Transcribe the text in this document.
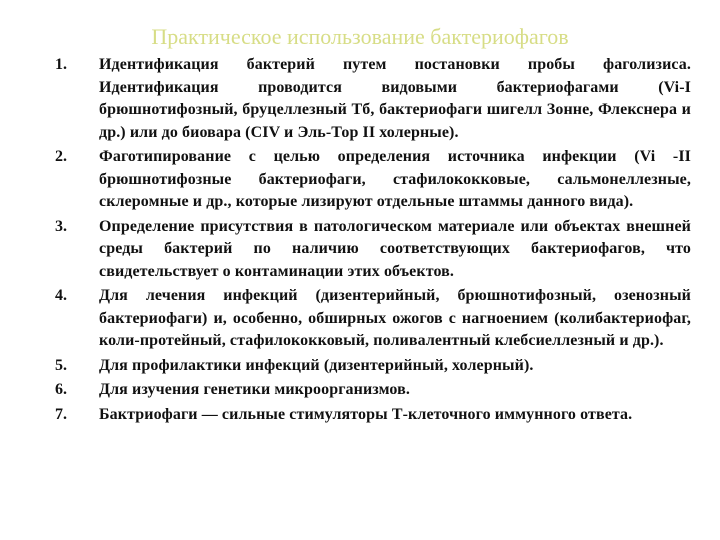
Практическое использование бактериофагов
1.	Идентификация бактерий путем постановки пробы фаголизиса. Идентификация проводится видовыми бактериофагами (Vi-I брюшнотифозный, бруцеллезный Тб, бактериофаги шигелл Зонне, Флекснера и др.) или до биовара (CIV и Эль-Тор II холерные).
2.	Фаготипирование с целью определения источника инфекции (Vi -II брюшнотифозные бактериофаги, стафилококковые, сальмонеллезные, склеромные и др., которые лизируют отдельные штаммы данного вида).
3.	Определение присутствия в патологическом материале или объектах внешней среды бактерий по наличию соответствующих бактериофагов, что свидетельствует о контаминации этих объектов.
4.	Для лечения инфекций (дизентерийный, брюшнотифозный, озенозный бактериофаги) и, особенно, обширных ожогов с нагноением (колибактериофаг, коли-протейный, стафилококковый, поливалентный клебсиеллезный и др.).
5.	Для профилактики инфекций (дизентерийный, холерный).
6.	Для изучения генетики микроорганизмов.
7.	Бактриофаги — сильные стимуляторы Т-клеточного иммунного ответа.
